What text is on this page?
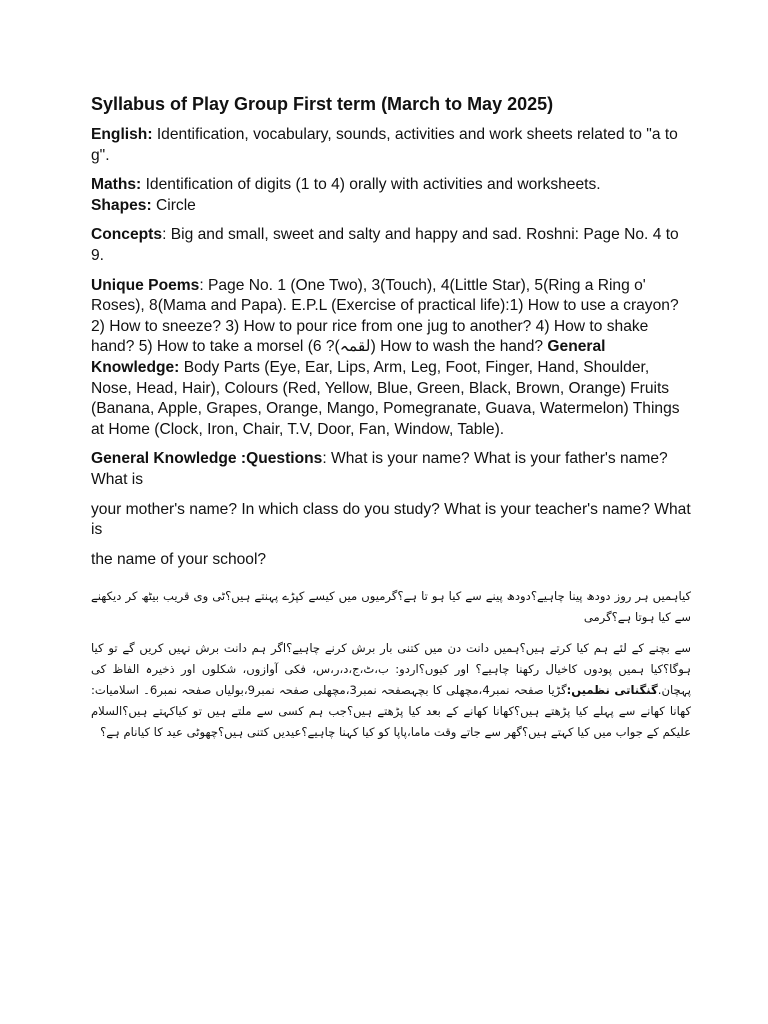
Syllabus of Play Group First term (March to May 2025)

English: Identification, vocabulary, sounds, activities and work sheets related to "a to g".

Maths: Identification of digits (1 to 4) orally with activities and worksheets.
Shapes: Circle

Concepts: Big and small, sweet and salty and happy and sad. Roshni: Page No. 4 to 9.

Unique Poems: Page No. 1 (One Two), 3(Touch), 4(Little Star), 5(Ring a Ring o' Roses), 8(Mama and Papa). E.P.L (Exercise of practical life):1) How to use a crayon? 2) How to sneeze? 3) How to pour rice from one jug to another? 4) How to shake hand? 5) How to take a morsel (6 ?(لقمہ) How to wash the hand? General Knowledge: Body Parts (Eye, Ear, Lips, Arm, Leg, Foot, Finger, Hand, Shoulder, Nose, Head, Hair), Colours (Red, Yellow, Blue, Green, Black, Brown, Orange) Fruits (Banana, Apple, Grapes, Orange, Mango, Pomegranate, Guava, Watermelon) Things at Home (Clock, Iron, Chair, T.V, Door, Fan, Window, Table).

General Knowledge :Questions: What is your name? What is your father's name? What is

your mother's name? In which class do you study? What is your teacher's name? What is

the name of your school?

کیاہمیں ہر روز دودھ پینا چاہیے؟دودھ پینے سے کیا ہو تا ہے؟گرمیوں میں کیسے کپڑے پہنتے ہیں؟ٹی وی قریب بیٹھ کر دیکھنے سے کیا ہوتا ہے؟گرمی

سے بچنے کے لئے ہم کیا کرتے ہیں؟ہمیں دانت دن میں کتنی بار برش کرنے چاہیے؟اگر ہم دانت برش نہیں کریں گے تو کیا ہوگا؟کیا ہمیں پودوں کاخیال رکھنا چاہیے؟ اور کیوں؟اردو: ب،ٹ،ج،د،ر،س، فکی آوازوں، شکلوں اور ذخیرہ الفاظ کی پہچان.گنگناتی نظمیں:گڑیا صفحہ نمبر4،مچھلی کا بچہصفحہ نمبر3،مچھلی صفحہ نمبر9،بولیاں صفحہ نمبر6۔ اسلامیات: کھانا کھانے سے پہلے کیا پڑھتے ہیں؟کھانا کھانے کے بعد کیا پڑھتے ہیں؟جب ہم کسی سے ملتے ہیں تو کیاکہتے ہیں؟السلام علیکم کے جواب میں کیا کہتے ہیں؟گھر سے جاتے وقت ماما،پاپا کو کیا کہنا چاہیے؟عیدیں کتنی ہیں؟چھوٹی عید کا کیانام ہے؟
